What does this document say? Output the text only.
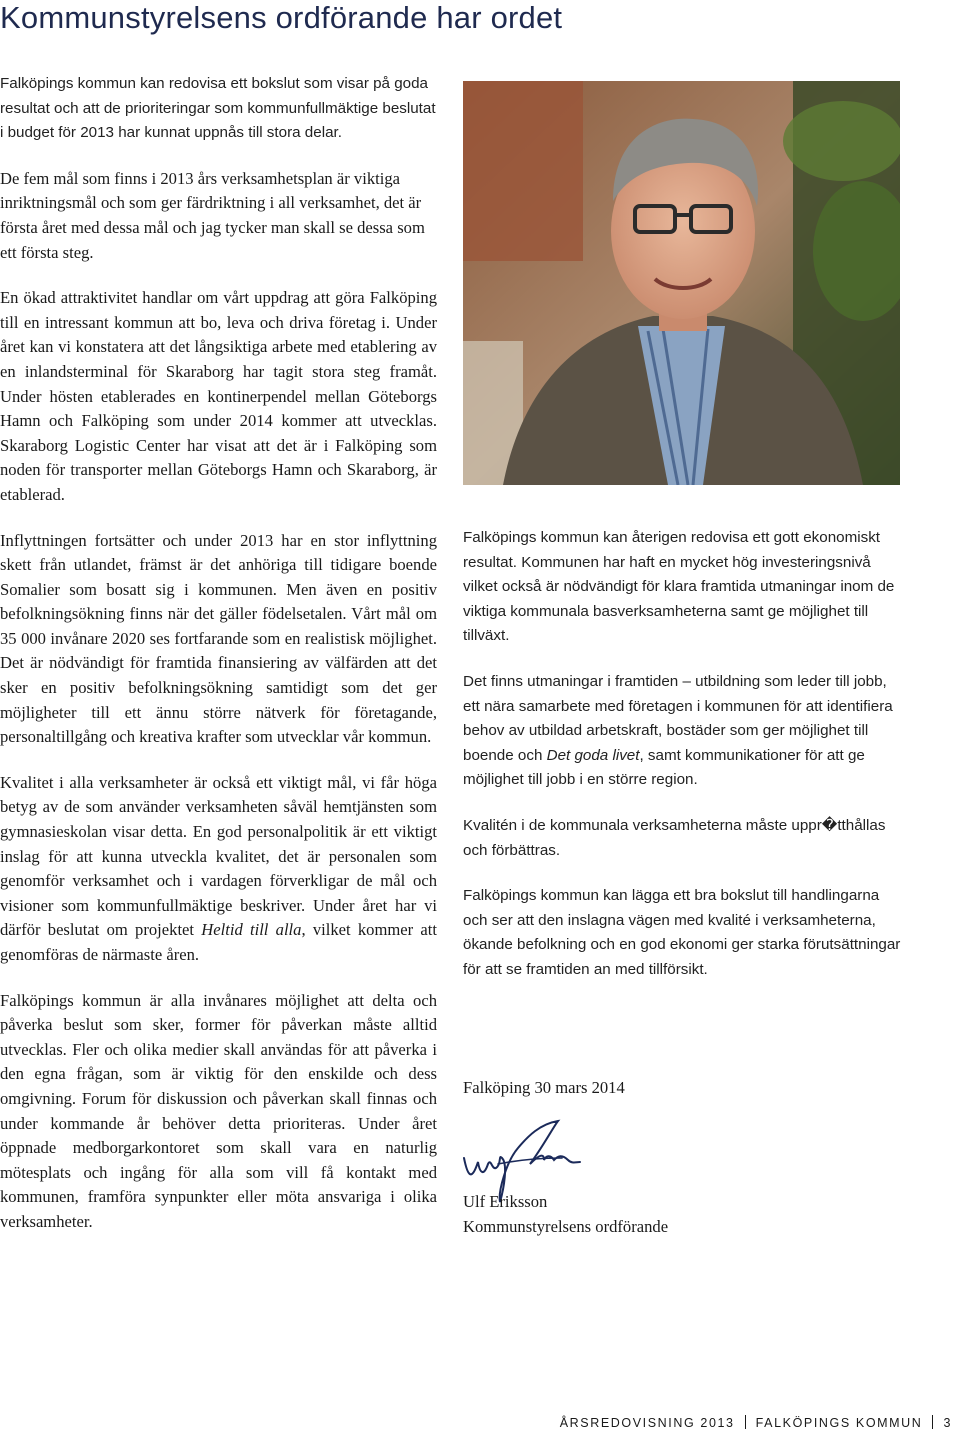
Kommunstyrelsens ordförande har ordet

Falköpings kommun kan redovisa ett bokslut som visar på goda resultat och att de prioriteringar som kommunfullmäktige beslutat i budget för 2013 har kunnat uppnås till stora delar.

De fem mål som finns i 2013 års verksamhetsplan är viktiga inriktningsmål och som ger färdriktning i all verksamhet, det är första året med dessa mål och jag tycker man skall se dessa som ett första steg.

En ökad attraktivitet handlar om vårt uppdrag att göra Falköping till en intressant kommun att bo, leva och driva företag i. Under året kan vi konstatera att det långsiktiga arbete med etablering av en inlandsterminal för Skaraborg har tagit stora steg framåt. Under hösten etablerades en kontinerpendel mellan Göteborgs Hamn och Falköping som under 2014 kommer att utvecklas. Skaraborg Logistic Center har visat att det är i Falköping som noden för transporter mellan Göteborgs Hamn och Skaraborg, är etablerad.

Inflyttningen fortsätter och under 2013 har en stor inflyttning skett från utlandet, främst är det anhöriga till tidigare boende Somalier som bosatt sig i kommunen. Men även en positiv befolkningsökning finns när det gäller födelsetalen. Vårt mål om 35 000 invånare 2020 ses fortfarande som en realistisk möjlighet. Det är nödvändigt för framtida finansiering av välfärden att det sker en positiv befolkningsökning samtidigt som det ger möjligheter till ett ännu större nätverk för företagande, personaltillgång och kreativa krafter som utvecklar vår kommun.

Kvalitet i alla verksamheter är också ett viktigt mål, vi får höga betyg av de som använder verksamheten såväl hemtjänsten som gymnasieskolan visar detta. En god personalpolitik är ett viktigt inslag för att kunna utveckla kvalitet, det är personalen som genomför verksamhet och i vardagen förverkligar de mål och visioner som kommunfullmäktige beskriver. Under året har vi därför beslutat om projektet Heltid till alla, vilket kommer att genomföras de närmaste åren.

Falköpings kommun är alla invånares möjlighet att delta och påverka beslut som sker, former för påverkan måste alltid utvecklas. Fler och olika medier skall användas för att påverka i den egna frågan, som är viktig för den enskilde och dess omgivning. Forum för diskussion och påverkan skall finnas och under kommande år behöver detta prioriteras. Under året öppnade medborgarkontoret som skall vara en naturlig mötesplats och ingång för alla som vill få kontakt med kommunen, framföra synpunkter eller möta ansvariga i olika verksamheter.

Falköpings kommun kan återigen redovisa ett gott ekonomiskt resultat. Kommunen har haft en mycket hög investeringsnivå vilket också är nödvändigt för klara framtida utmaningar inom de viktiga kommunala basverksamheterna samt ge möjlighet till tillväxt.

Det finns utmaningar i framtiden – utbildning som leder till jobb, ett nära samarbete med företagen i kommunen för att identifiera behov av utbildad arbetskraft, bostäder som ger möjlighet till boende och Det goda livet, samt kommunikationer för att ge möjlighet till jobb i en större region.

Kvalitén i de kommunala verksamheterna måste uppr�tthållas och förbättras.

Falköpings kommun kan lägga ett bra bokslut till handlingarna och ser att den inslagna vägen med kvalité i verksamheterna, ökande befolkning och en god ekonomi ger starka förutsättningar för att se framtiden an med tillförsikt.

Falköping 30 mars 2014
Ulf Eriksson
Kommunstyrelsens ordförande
ÅRSREDOVISNING 2013 FALKÖPINGS KOMMUN 3
